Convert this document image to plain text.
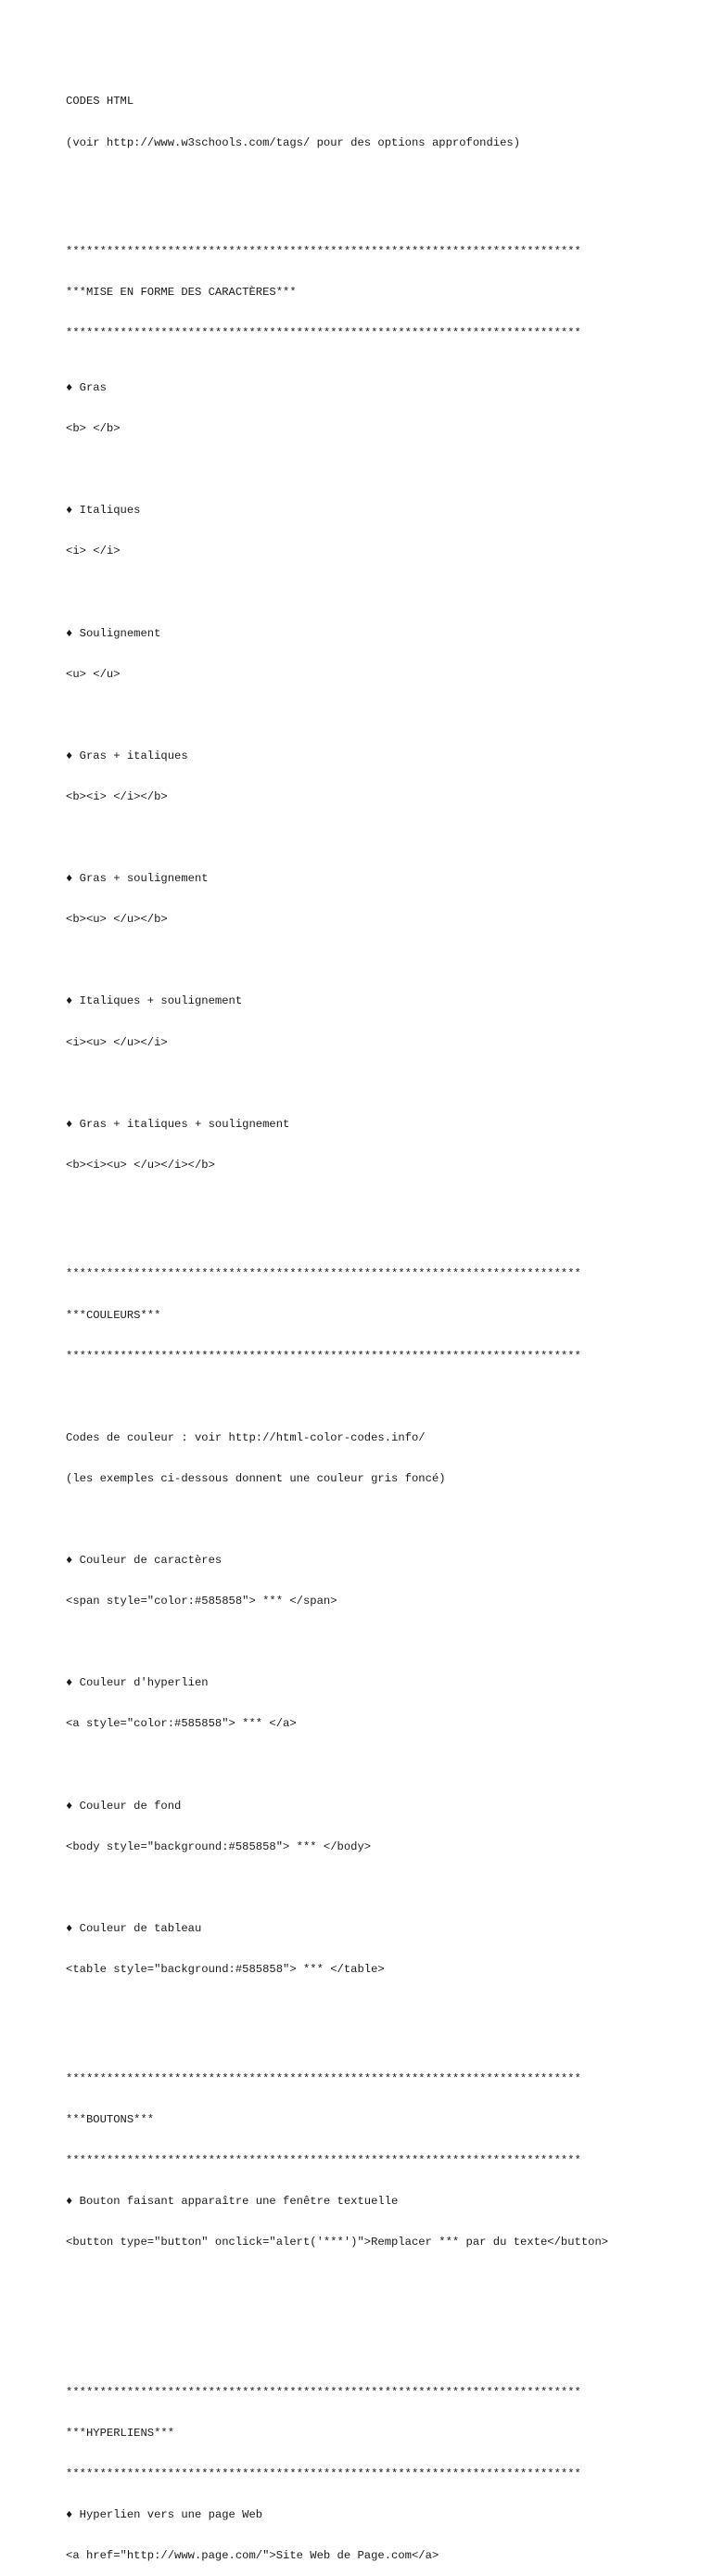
CODES HTML

(voir http://www.w3schools.com/tags/ pour des options approfondies)

****************************************************************************

***MISE EN FORME DES CARACTÈRES***

****************************************************************************

♦ Gras

<b> </b>

♦ Italiques

<i> </i>

♦ Soulignement

<u> </u>

♦ Gras + italiques

<b><i> </i></b>

♦ Gras + soulignement

<b><u> </u></b>

♦ Italiques + soulignement

<i><u> </u></i>

♦ Gras + italiques + soulignement

<b><i><u> </u></i></b>

****************************************************************************

***COULEURS***

****************************************************************************

Codes de couleur : voir http://html-color-codes.info/

(les exemples ci-dessous donnent une couleur gris foncé)

♦ Couleur de caractères

<span style="color:#585858"> *** </span>

♦ Couleur d'hyperlien

<a style="color:#585858"> *** </a>

♦ Couleur de fond

<body style="background:#585858"> *** </body>

♦ Couleur de tableau

<table style="background:#585858"> *** </table>

****************************************************************************

***BOUTONS***

****************************************************************************

♦ Bouton faisant apparaître une fenêtre textuelle

<button type="button" onclick="alert('***')">Remplacer *** par du texte</button>

****************************************************************************

***HYPERLIENS***

****************************************************************************

♦ Hyperlien vers une page Web

<a href="http://www.page.com/">Site Web de Page.com</a>
